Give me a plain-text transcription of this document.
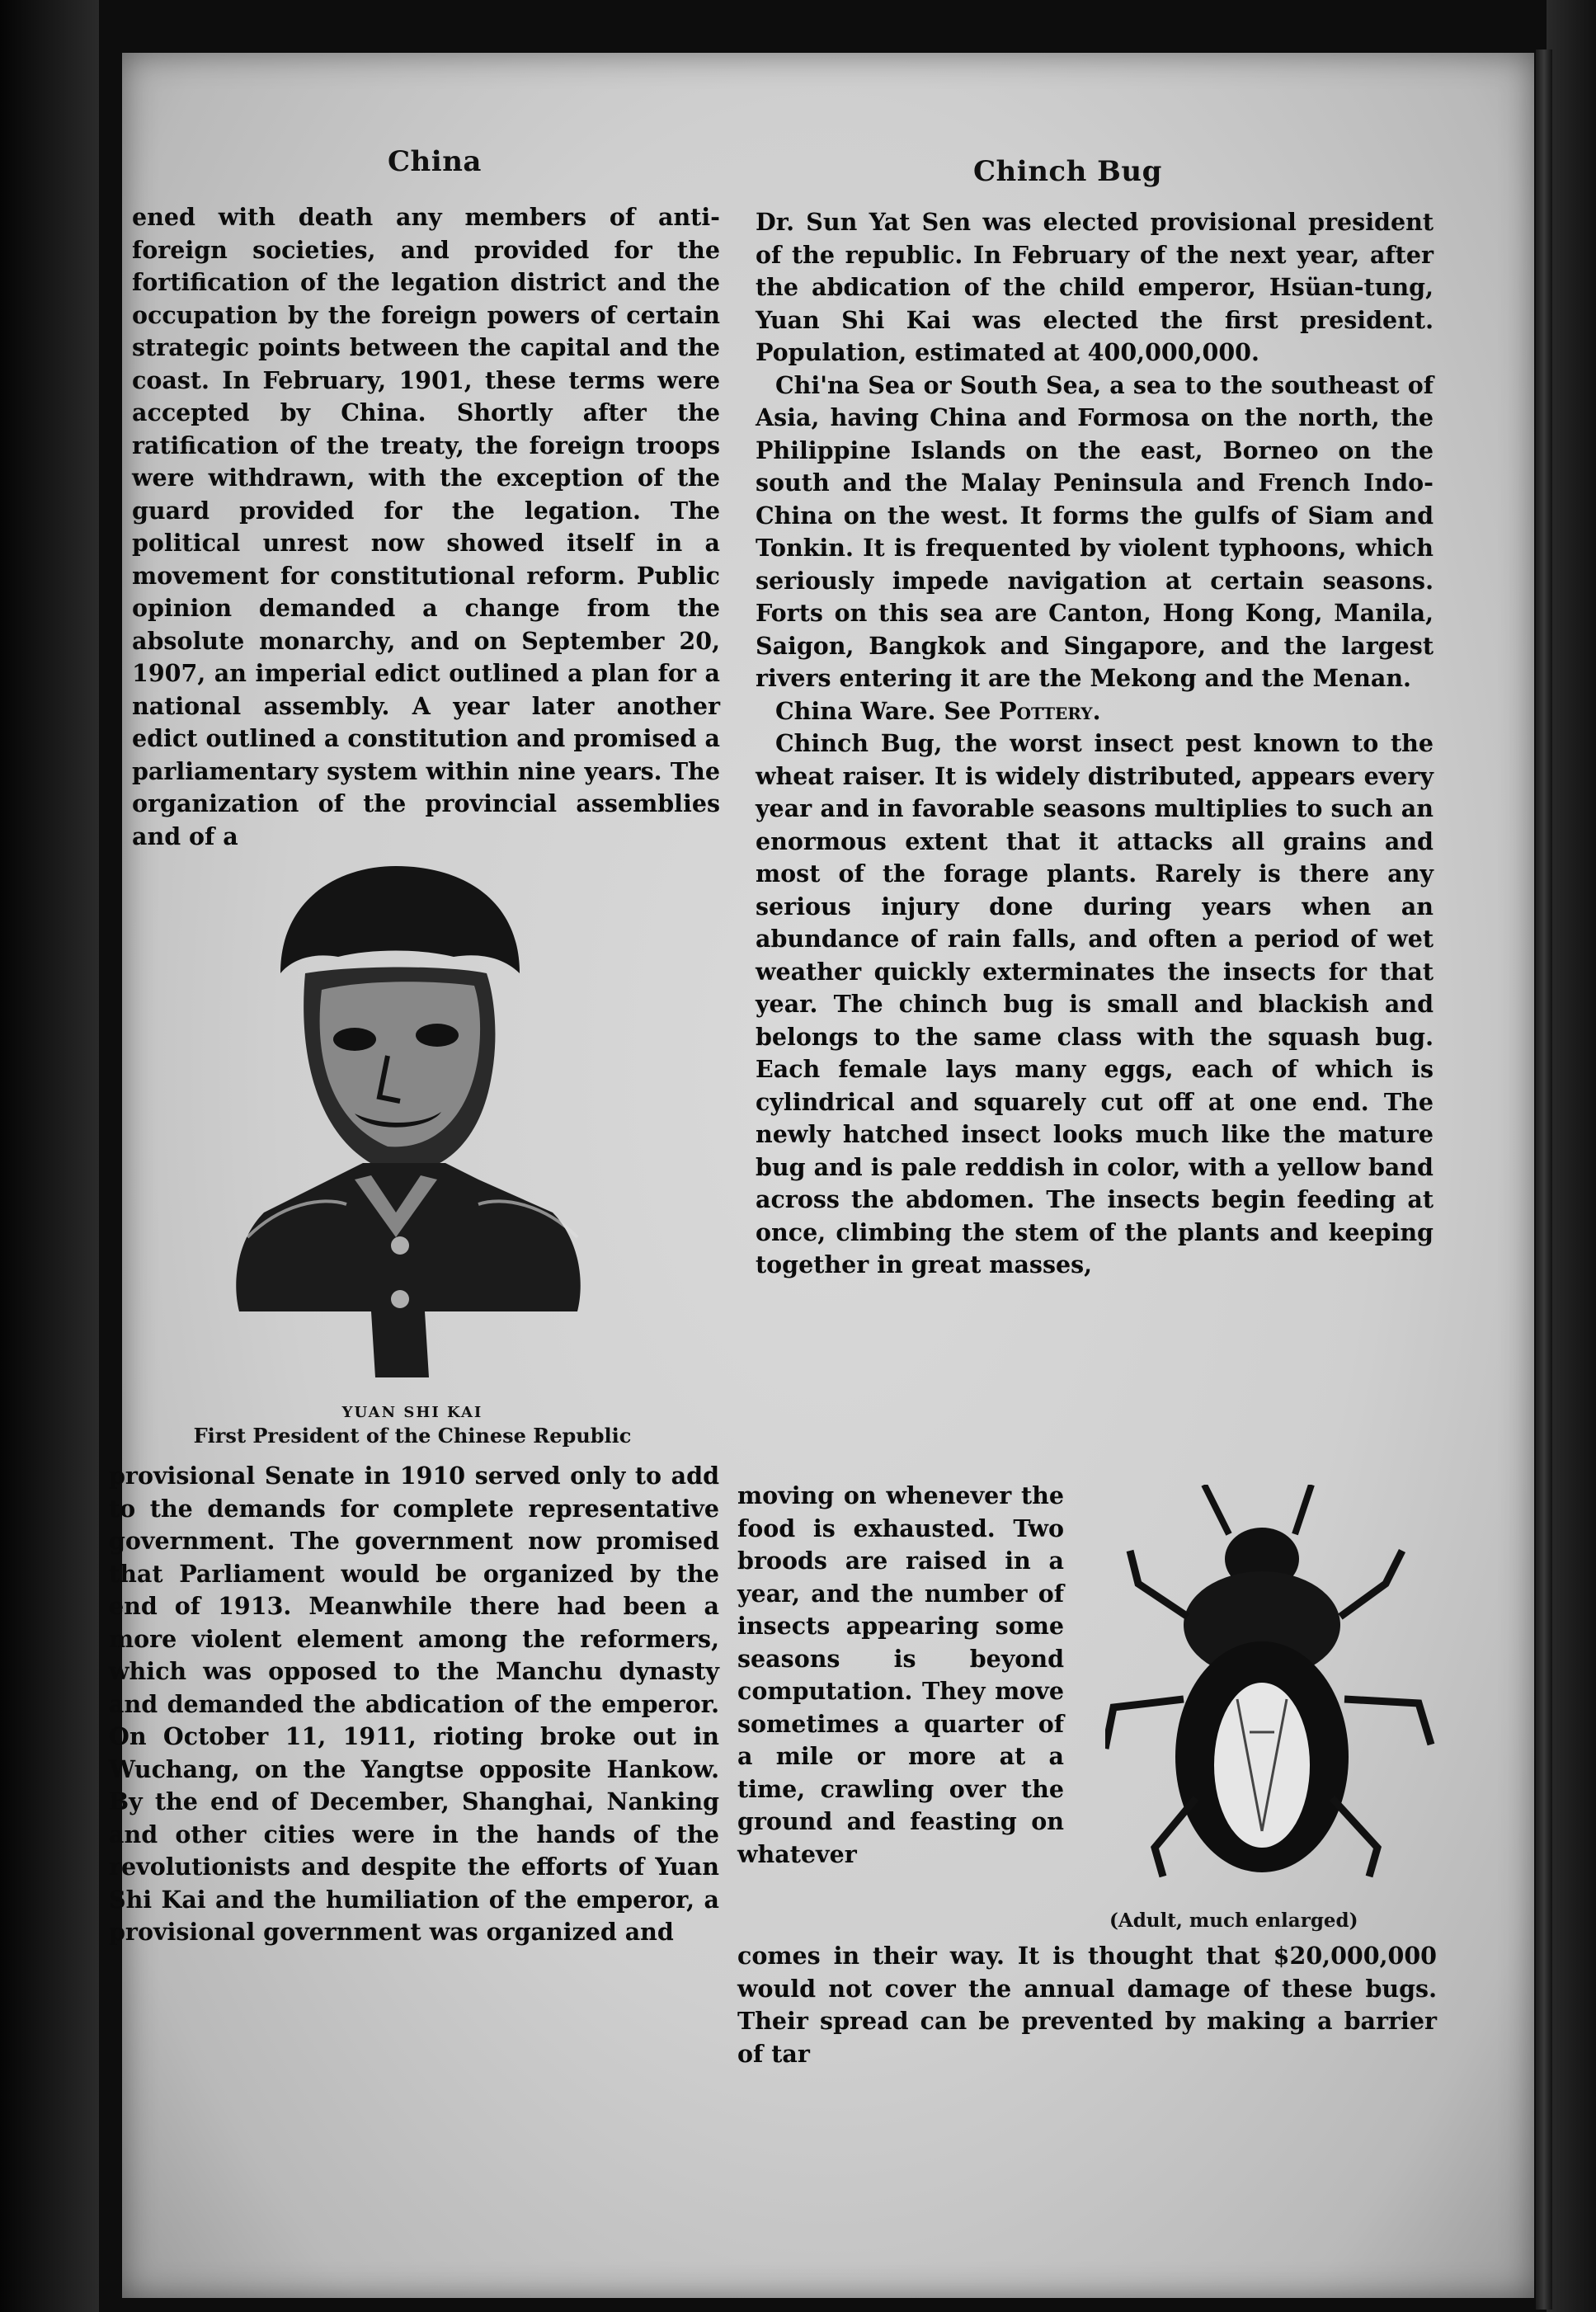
China	Chinch Bug

ened with death any members of anti-foreign societies, and provided for the fortification of the legation district and the occupation by the foreign powers of certain strategic points between the capital and the coast. In February, 1901, these terms were accepted by China. Shortly after the ratification of the treaty, the foreign troops were withdrawn, with the exception of the guard provided for the legation. The political unrest now showed itself in a movement for constitutional reform. Public opinion demanded a change from the absolute monarchy, and on September 20, 1907, an imperial edict outlined a plan for a national assembly. A year later another edict outlined a constitution and promised a parliamentary system within nine years. The organization of the provincial assemblies and of a

YUAN SHI KAI
First President of the Chinese Republic

provisional Senate in 1910 served only to add to the demands for complete representative government. The government now promised that Parliament would be organized by the end of 1913. Meanwhile there had been a more violent element among the reformers, which was opposed to the Manchu dynasty and demanded the abdication of the emperor. On October 11, 1911, rioting broke out in Wuchang, on the Yangtse opposite Hankow. By the end of December, Shanghai, Nanking and other cities were in the hands of the revolutionists and despite the efforts of Yuan Shi Kai and the humiliation of the emperor, a provisional government was organized and

Dr. Sun Yat Sen was elected provisional president of the republic. In February of the next year, after the abdication of the child emperor, Hsüan-tung, Yuan Shi Kai was elected the first president. Population, estimated at 400,000,000.

Chi'na Sea or South Sea, a sea to the southeast of Asia, having China and Formosa on the north, the Philippine Islands on the east, Borneo on the south and the Malay Peninsula and French Indo-China on the west. It forms the gulfs of Siam and Tonkin. It is frequented by violent typhoons, which seriously impede navigation at certain seasons. Forts on this sea are Canton, Hong Kong, Manila, Saigon, Bangkok and Singapore, and the largest rivers entering it are the Mekong and the Menan.

China Ware. See Pottery.

Chinch Bug, the worst insect pest known to the wheat raiser. It is widely distributed, appears every year and in favorable seasons multiplies to such an enormous extent that it attacks all grains and most of the forage plants. Rarely is there any serious injury done during years when an abundance of rain falls, and often a period of wet weather quickly exterminates the insects for that year. The chinch bug is small and blackish and belongs to the same class with the squash bug. Each female lays many eggs, each of which is cylindrical and squarely cut off at one end. The newly hatched insect looks much like the mature bug and is pale reddish in color, with a yellow band across the abdomen. The insects begin feeding at once, climbing the stem of the plants and keeping together in great masses,

moving on whenever the food is exhausted. Two broods are raised in a year, and the number of insects appearing some seasons is beyond computation. They move sometimes a quarter of a mile or more at a time, crawling over the ground and feasting on whatever

(Adult, much enlarged)

comes in their way. It is thought that $20,000,000 would not cover the annual damage of these bugs. Their spread can be prevented by making a barrier of tar
